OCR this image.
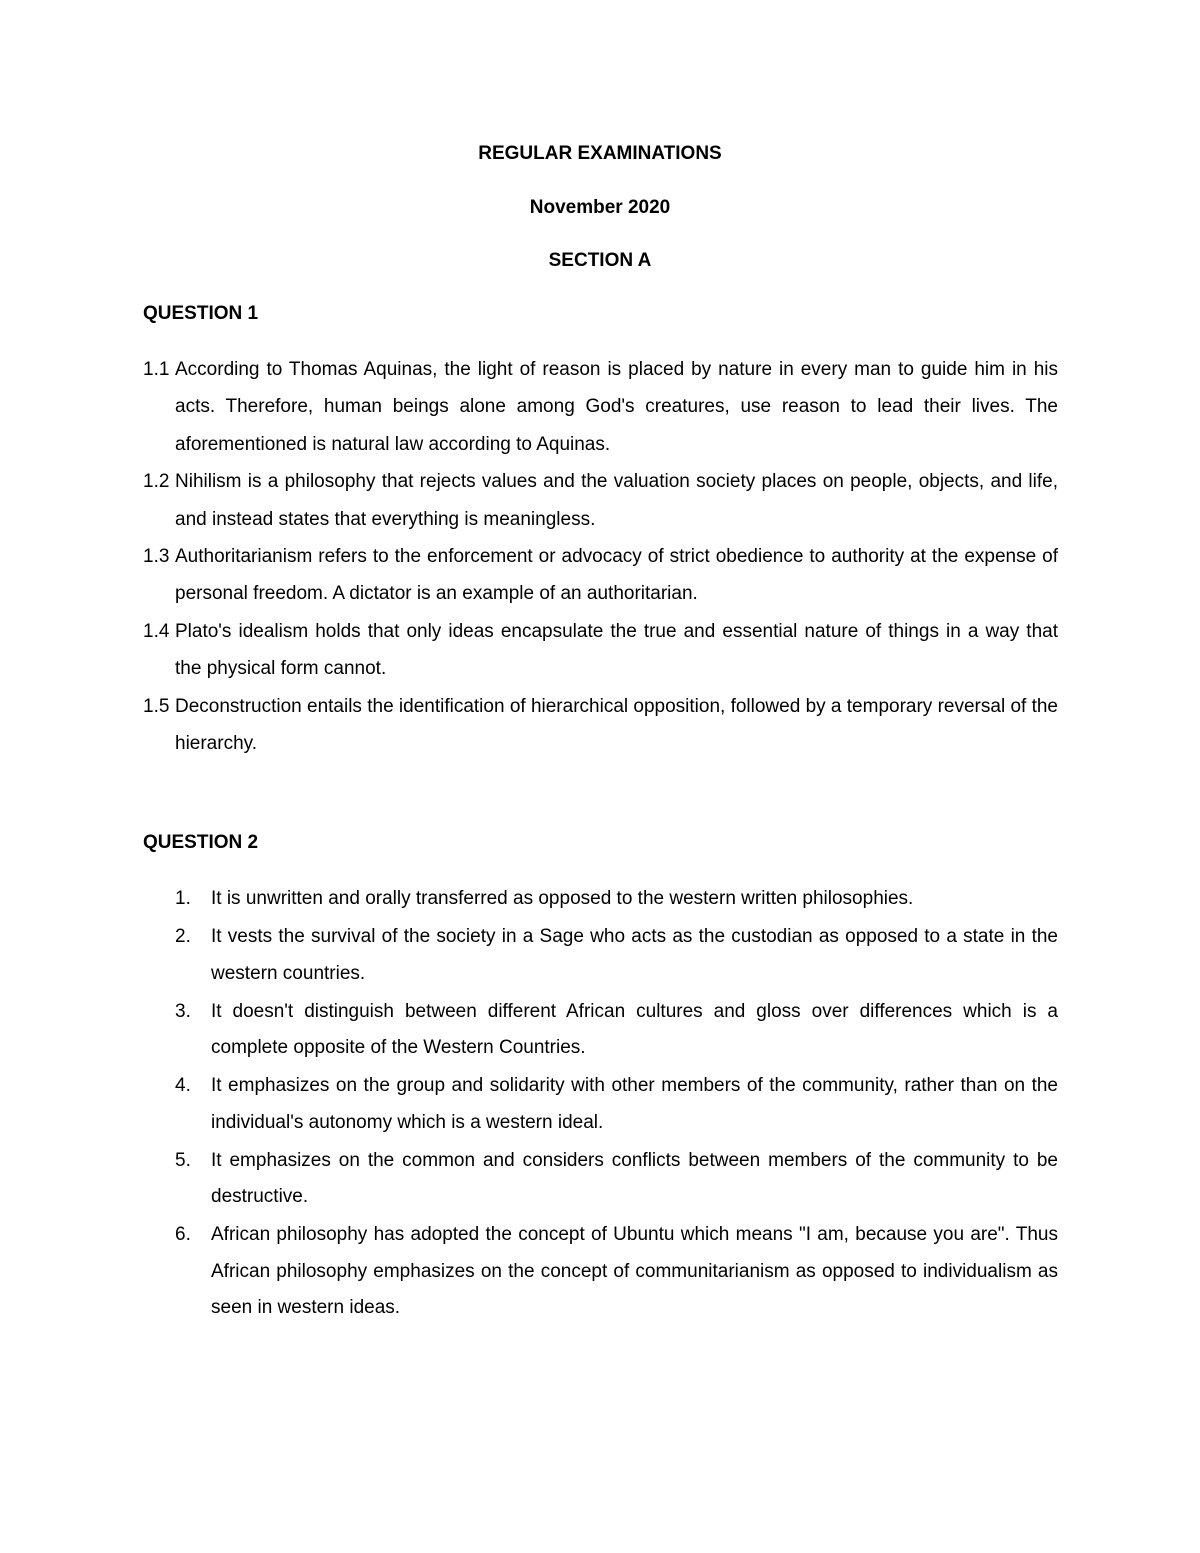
REGULAR EXAMINATIONS
November 2020
SECTION A
QUESTION 1
1.1 According to Thomas Aquinas, the light of reason is placed by nature in every man to guide him in his acts. Therefore, human beings alone among God's creatures, use reason to lead their lives. The aforementioned is natural law according to Aquinas.
1.2 Nihilism is a philosophy that rejects values and the valuation society places on people, objects, and life, and instead states that everything is meaningless.
1.3 Authoritarianism refers to the enforcement or advocacy of strict obedience to authority at the expense of personal freedom. A dictator is an example of an authoritarian.
1.4 Plato's idealism holds that only ideas encapsulate the true and essential nature of things in a way that the physical form cannot.
1.5 Deconstruction entails the identification of hierarchical opposition, followed by a temporary reversal of the hierarchy.
QUESTION 2
1.	It is unwritten and orally transferred as opposed to the western written philosophies.
2.	It vests the survival of the society in a Sage who acts as the custodian as opposed to a state in the western countries.
3.	It doesn't distinguish between different African cultures and gloss over differences which is a complete opposite of the Western Countries.
4.	It emphasizes on the group and solidarity with other members of the community, rather than on the individual's autonomy which is a western ideal.
5.	It emphasizes on the common and considers conflicts between members of the community to be destructive.
6.	African philosophy has adopted the concept of Ubuntu which means "I am, because you are". Thus African philosophy emphasizes on the concept of communitarianism as opposed to individualism as seen in western ideas.
